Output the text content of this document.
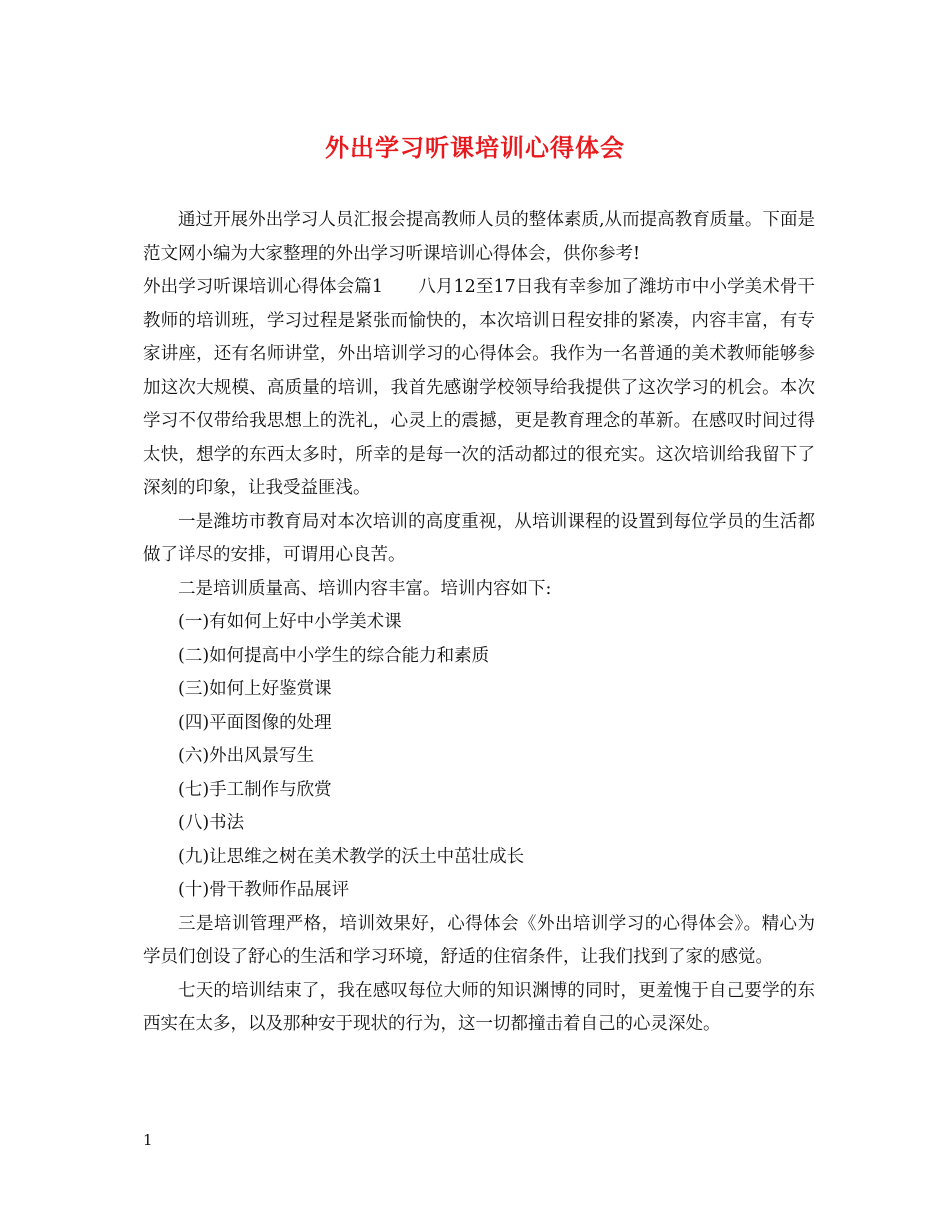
外出学习听课培训心得体会

通过开展外出学习人员汇报会提高教师人员的整体素质,从而提高教育质量。下面是范文网小编为大家整理的外出学习听课培训心得体会，供你参考!

外出学习听课培训心得体会篇1　　八月12至17日我有幸参加了潍坊市中小学美术骨干教师的培训班，学习过程是紧张而愉快的，本次培训日程安排的紧凑，内容丰富，有专家讲座，还有名师讲堂，外出培训学习的心得体会。我作为一名普通的美术教师能够参加这次大规模、高质量的培训，我首先感谢学校领导给我提供了这次学习的机会。本次学习不仅带给我思想上的洗礼，心灵上的震撼，更是教育理念的革新。在感叹时间过得太快，想学的东西太多时，所幸的是每一次的活动都过的很充实。这次培训给我留下了深刻的印象，让我受益匪浅。

一是潍坊市教育局对本次培训的高度重视，从培训课程的设置到每位学员的生活都做了详尽的安排，可谓用心良苦。

二是培训质量高、培训内容丰富。培训内容如下:

(一)有如何上好中小学美术课

(二)如何提高中小学生的综合能力和素质

(三)如何上好鉴赏课

(四)平面图像的处理

(六)外出风景写生

(七)手工制作与欣赏

(八)书法

(九)让思维之树在美术教学的沃土中茁壮成长

(十)骨干教师作品展评

三是培训管理严格，培训效果好，心得体会《外出培训学习的心得体会》。精心为学员们创设了舒心的生活和学习环境，舒适的住宿条件，让我们找到了家的感觉。

七天的培训结束了，我在感叹每位大师的知识渊博的同时，更羞愧于自己要学的东西实在太多，以及那种安于现状的行为，这一切都撞击着自己的心灵深处。

1
